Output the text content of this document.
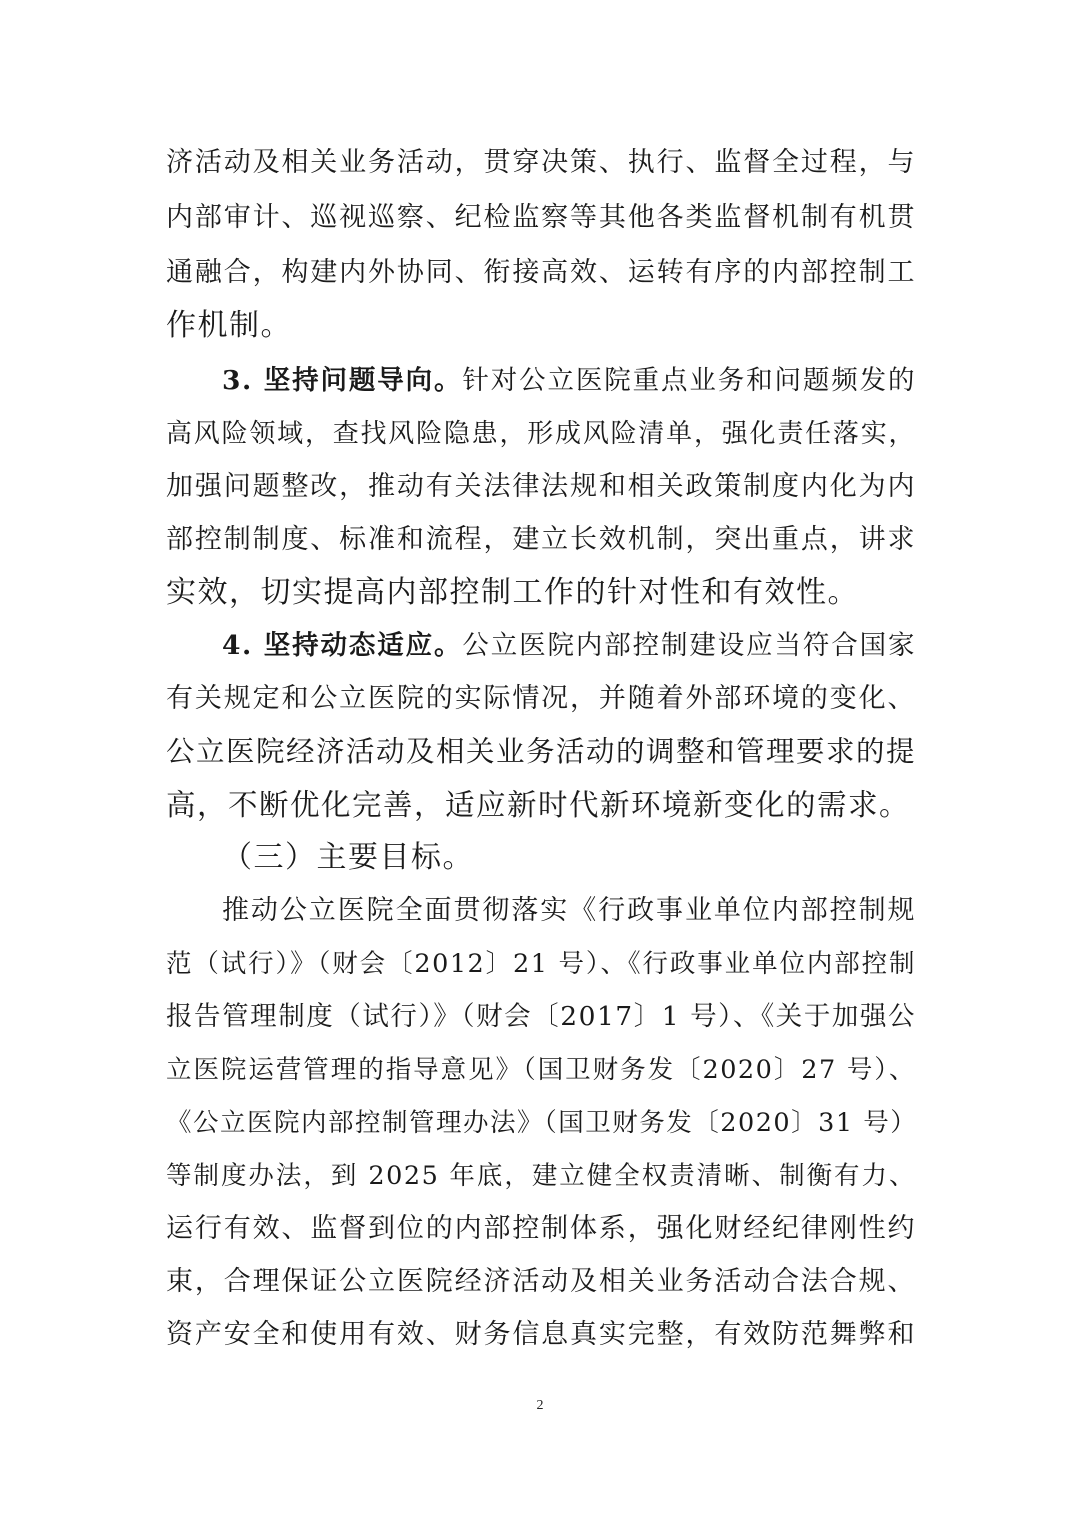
济活动及相关业务活动，贯穿决策、执行、监督全过程，与
内部审计、巡视巡察、纪检监察等其他各类监督机制有机贯
通融合，构建内外协同、衔接高效、运转有序的内部控制工
作机制。
3. 坚持问题导向。针对公立医院重点业务和问题频发的
高风险领域，查找风险隐患，形成风险清单，强化责任落实，
加强问题整改，推动有关法律法规和相关政策制度内化为内
部控制制度、标准和流程，建立长效机制，突出重点，讲求
实效，切实提高内部控制工作的针对性和有效性。
4. 坚持动态适应。公立医院内部控制建设应当符合国家
有关规定和公立医院的实际情况，并随着外部环境的变化、
公立医院经济活动及相关业务活动的调整和管理要求的提
高，不断优化完善，适应新时代新环境新变化的需求。
（三）主要目标。
推动公立医院全面贯彻落实《行政事业单位内部控制规
范（试行）》（财会〔2012〕21 号）、《行政事业单位内部控制
报告管理制度（试行）》（财会〔2017〕1 号）、《关于加强公
立医院运营管理的指导意见》（国卫财务发〔2020〕27 号）、
《公立医院内部控制管理办法》（国卫财务发〔2020〕31 号）
等制度办法，到 2025 年底，建立健全权责清晰、制衡有力、
运行有效、监督到位的内部控制体系，强化财经纪律刚性约
束，合理保证公立医院经济活动及相关业务活动合法合规、
资产安全和使用有效、财务信息真实完整，有效防范舞弊和
2
